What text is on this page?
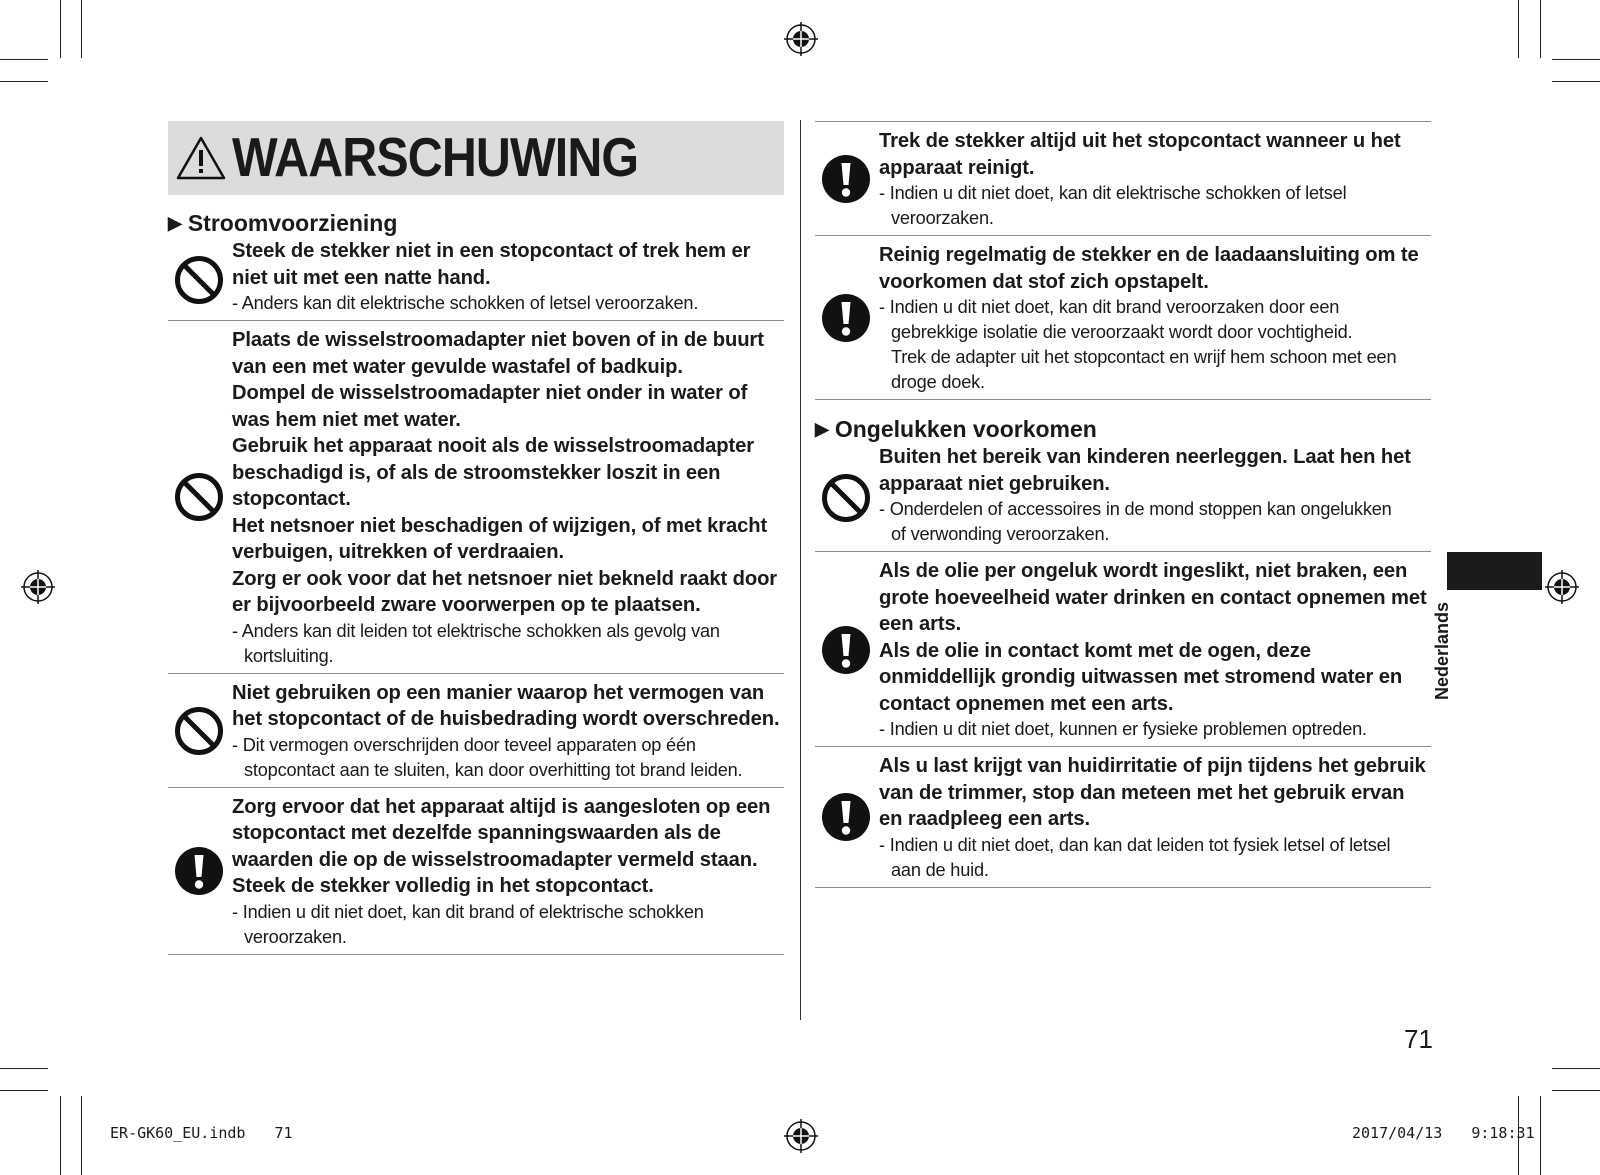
WAARSCHUWING
▶ Stroomvoorziening
Steek de stekker niet in een stopcontact of trek hem er
niet uit met een natte hand.
- Anders kan dit elektrische schokken of letsel veroorzaken.
Plaats de wisselstroomadapter niet boven of in de buurt
van een met water gevulde wastafel of badkuip.
Dompel de wisselstroomadapter niet onder in water of
was hem niet met water.
Gebruik het apparaat nooit als de wisselstroomadapter
beschadigd is, of als de stroomstekker loszit in een
stopcontact.
Het netsnoer niet beschadigen of wijzigen, of met kracht
verbuigen, uitrekken of verdraaien.
Zorg er ook voor dat het netsnoer niet bekneld raakt door
er bijvoorbeeld zware voorwerpen op te plaatsen.
- Anders kan dit leiden tot elektrische schokken als gevolg van
kortsluiting.
Niet gebruiken op een manier waarop het vermogen van
het stopcontact of de huisbedrading wordt overschreden.
- Dit vermogen overschrijden door teveel apparaten op één
stopcontact aan te sluiten, kan door overhitting tot brand leiden.
Zorg ervoor dat het apparaat altijd is aangesloten op een
stopcontact met dezelfde spanningswaarden als de
waarden die op de wisselstroomadapter vermeld staan.
Steek de stekker volledig in het stopcontact.
- Indien u dit niet doet, kan dit brand of elektrische schokken
veroorzaken.
Trek de stekker altijd uit het stopcontact wanneer u het
apparaat reinigt.
- Indien u dit niet doet, kan dit elektrische schokken of letsel
veroorzaken.
Reinig regelmatig de stekker en de laadaansluiting om te
voorkomen dat stof zich opstapelt.
- Indien u dit niet doet, kan dit brand veroorzaken door een
gebrekkige isolatie die veroorzaakt wordt door vochtigheid.
Trek de adapter uit het stopcontact en wrijf hem schoon met een
droge doek.
▶ Ongelukken voorkomen
Buiten het bereik van kinderen neerleggen. Laat hen het
apparaat niet gebruiken.
- Onderdelen of accessoires in de mond stoppen kan ongelukken
of verwonding veroorzaken.
Als de olie per ongeluk wordt ingeslikt, niet braken, een
grote hoeveelheid water drinken en contact opnemen met
een arts.
Als de olie in contact komt met de ogen, deze
onmiddellijk grondig uitwassen met stromend water en
contact opnemen met een arts.
- Indien u dit niet doet, kunnen er fysieke problemen optreden.
Als u last krijgt van huidirritatie of pijn tijdens het gebruik
van de trimmer, stop dan meteen met het gebruik ervan
en raadpleeg een arts.
- Indien u dit niet doet, dan kan dat leiden tot fysiek letsel of letsel
aan de huid.
Nederlands
71
ER-GK60_EU.indb 71	2017/04/13 9:18:31
